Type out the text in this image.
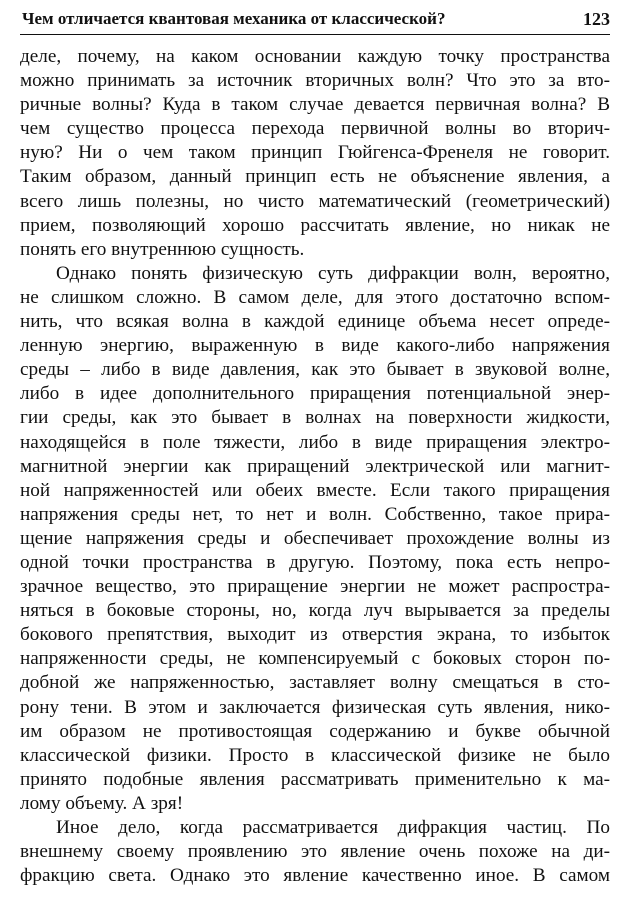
Чем отличается квантовая механика от классической?	123
деле, почему, на каком основании каждую точку пространства
можно принимать за источник вторичных волн? Что это за вто-
ричные волны? Куда в таком случае девается первичная волна? В
чем существо процесса перехода первичной волны во вторич-
ную? Ни о чем таком принцип Гюйгенса-Френеля не говорит.
Таким образом, данный принцип есть не объяснение явления, а
всего лишь полезны, но чисто математический (геометрический)
прием, позволяющий хорошо рассчитать явление, но никак не
понять его внутреннюю сущность.
Однако понять физическую суть дифракции волн, вероятно,
не слишком сложно. В самом деле, для этого достаточно вспом-
нить, что всякая волна в каждой единице объема несет опреде-
ленную энергию, выраженную в виде какого-либо напряжения
среды – либо в виде давления, как это бывает в звуковой волне,
либо в идее дополнительного приращения потенциальной энер-
гии среды, как это бывает в волнах на поверхности жидкости,
находящейся в поле тяжести, либо в виде приращения электро-
магнитной энергии как приращений электрической или магнит-
ной напряженностей или обеих вместе. Если такого приращения
напряжения среды нет, то нет и волн. Собственно, такое прира-
щение напряжения среды и обеспечивает прохождение волны из
одной точки пространства в другую. Поэтому, пока есть непро-
зрачное вещество, это приращение энергии не может распростра-
няться в боковые стороны, но, когда луч вырывается за пределы
бокового препятствия, выходит из отверстия экрана, то избыток
напряженности среды, не компенсируемый с боковых сторон по-
добной же напряженностью, заставляет волну смещаться в сто-
рону тени. В этом и заключается физическая суть явления, нико-
им образом не противостоящая содержанию и букве обычной
классической физики. Просто в классической физике не было
принято подобные явления рассматривать применительно к ма-
лому объему. А зря!
Иное дело, когда рассматривается дифракция частиц. По
внешнему своему проявлению это явление очень похоже на ди-
фракцию света. Однако это явление качественно иное. В самом
